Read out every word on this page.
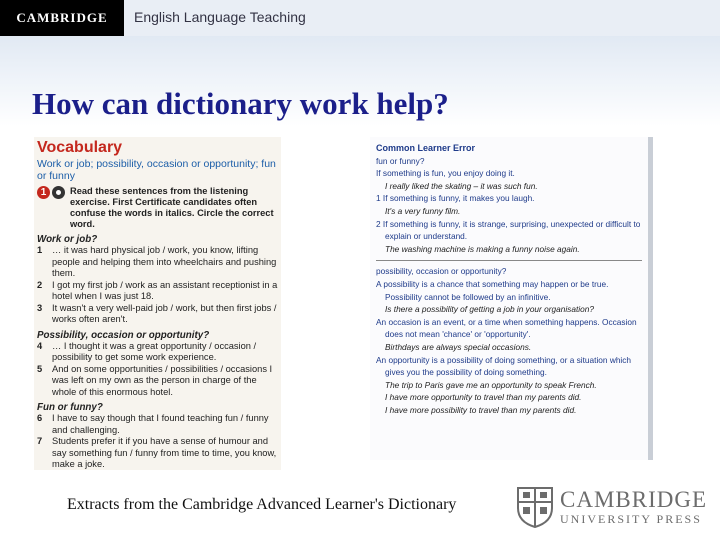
CAMBRIDGE	English Language Teaching
How can dictionary work help?
Vocabulary
Work or job; possibility, occasion or opportunity; fun or funny
1	Read these sentences from the listening exercise. First Certificate candidates often confuse the words in italics. Circle the correct word.
Work or job?
1	… it was hard physical job / work, you know, lifting people and helping them into wheelchairs and pushing them.
2	I got my first job / work as an assistant receptionist in a hotel when I was just 18.
3	It wasn't a very well-paid job / work, but then first jobs / works often aren't.
Possibility, occasion or opportunity?
4	… I thought it was a great opportunity / occasion / possibility to get some work experience.
5	And on some opportunities / possibilities / occasions I was left on my own as the person in charge of the whole of this enormous hotel.
Fun or funny?
6	I have to say though that I found teaching fun / funny and challenging.
7	Students prefer it if you have a sense of humour and say something fun / funny from time to time, you know, make a joke.
Common Learner Error
fun or funny?
If something is fun, you enjoy doing it.
I really liked the skating – it was such fun.
1 If something is funny, it makes you laugh.
It's a very funny film.
2 If something is funny, it is strange, surprising, unexpected or difficult to
explain or understand.
The washing machine is making a funny noise again.
possibility, occasion or opportunity?
A possibility is a chance that something may happen or be true.
Possibility cannot be followed by an infinitive.
Is there a possibility of getting a job in your organisation?
An occasion is an event, or a time when something happens. Occasion
does not mean 'chance' or 'opportunity'.
Birthdays are always special occasions.
An opportunity is a possibility of doing something, or a situation which
gives you the possibility of doing something.
The trip to Paris gave me an opportunity to speak French.
I have more opportunity to travel than my parents did.
I have more possibility to travel than my parents did.

Extracts from the Cambridge Advanced Learner's Dictionary	CAMBRIDGE
UNIVERSITY PRESS
